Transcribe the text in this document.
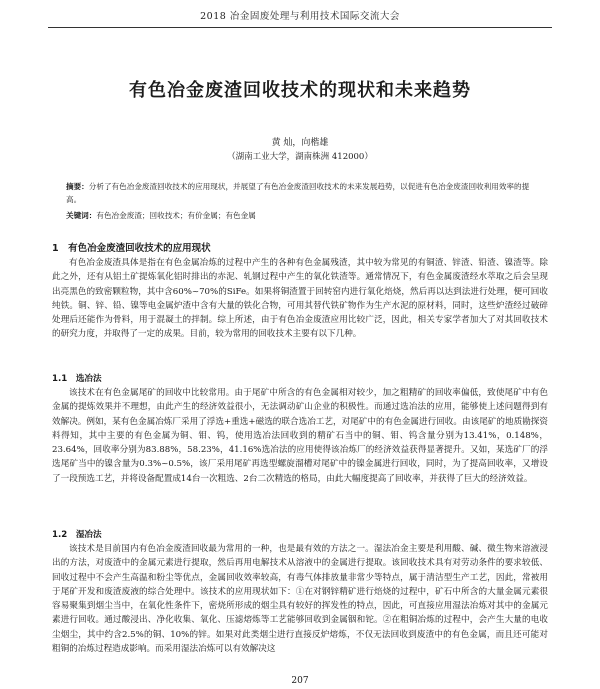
2018 冶金固废处理与利用技术国际交流大会
有色冶金废渣回收技术的现状和未来趋势
黄 灿，向楷雄
（湖南工业大学，湖南株洲 412000）
摘要：分析了有色冶金废渣回收技术的应用现状，并展望了有色冶金废渣回收技术的未来发展趋势，以促进有色冶金废渣回收利用效率的提高。
关键词：有色冶金废渣；回收技术；有价金属；有色金属
1　有色冶金废渣回收技术的应用现状

有色冶金废渣具体是指在有色金属冶炼的过程中产生的各种有色金属残渣，其中较为常见的有铜渣、锌渣、铅渣、镍渣等。除此之外，还有从铝土矿提炼氧化铝时排出的赤泥、轧钢过程中产生的氧化铁渣等。通常情况下，有色金属废渣经水萃取之后会呈现出亮黑色的致密颗粒物，其中含60%~70%的SiFe。如果将铜渣置于回转窑内进行氧化焙烧，然后再以达到法进行处理，便可回收纯铁。铜、锌、铅、镍等电金属炉渣中含有大量的铁化合物，可用其替代铁矿物作为生产水泥的原材料，同时，这些炉渣经过破碎处理后还能作为骨料，用于混凝土的拌制。综上所述，由于有色冶金废渣应用比较广泛，因此，相关专家学者加大了对其回收技术的研究力度，并取得了一定的成果。目前，较为常用的回收技术主要有以下几种。

1.1　选冶法

该技术在有色金属尾矿的回收中比较常用。由于尾矿中所含的有色金属相对较少，加之粗精矿的回收率偏低，致使尾矿中有色金属的提炼效果并不理想，由此产生的经济效益很小，无法调动矿山企业的积极性。而通过选冶法的应用，能够使上述问题得到有效解决。例如，某有色金属冶炼厂采用了浮选+重选+磁选的联合选冶工艺，对尾矿中的有色金属进行回收。由该尾矿的地质勘探资料得知，其中主要的有色金属为铜、钼、钨，使用选冶法回收到的精矿石当中的铜、钼、钨含量分别为13.41%，0.148%，23.64%，回收率分别为83.88%，58.23%，41.16%选冶法的应用使得该冶炼厂的经济效益获得显著提升。又如，某选矿厂的浮选尾矿当中的镍含量为0.3%~0.5%，该厂采用尾矿再选型螺旋溜槽对尾矿中的镍金属进行回收，同时，为了提高回收率，又增设了一段预选工艺，并将设备配置成14台一次粗选、2台二次精选的格局，由此大幅度提高了回收率，并获得了巨大的经济效益。

1.2　湿冶法

该技术是目前国内有色冶金废渣回收最为常用的一种，也是最有效的方法之一。湿法冶金主要是利用酸、碱、微生物来溶液浸出的方法，对废渣中的金属元素进行提取，然后再用电解技术从溶液中的金属进行提取。该回收技术具有对劳动条件的要求较低、回收过程中不会产生高温和粉尘等优点，金属回收效率较高，有毒气体排放量非常少等特点，属于清洁型生产工艺，因此，常被用于尾矿开发和废渣废液的综合处理中。该技术的应用现状如下：①在对钢锌精矿进行焙烧的过程中，矿石中所含的大量金属元素很容易聚集到烟尘当中，在氧化性条件下，密烧所形成的烟尘具有较好的挥发性的特点，因此，可直接应用湿法冶炼对其中的金属元素进行回收。通过酸浸出、净化收集、氧化、压滤熔炼等工艺能够回收到金属铟和铊。②在粗铜冶炼的过程中，会产生大量的电收尘烟尘，其中约含2.5%的铜、10%的锌。如果对此类烟尘进行直接反炉熔炼，不仅无法回收到废渣中的有色金属，而且还可能对粗铜的冶炼过程造成影响。而采用湿法冶炼可以有效解决这

207
